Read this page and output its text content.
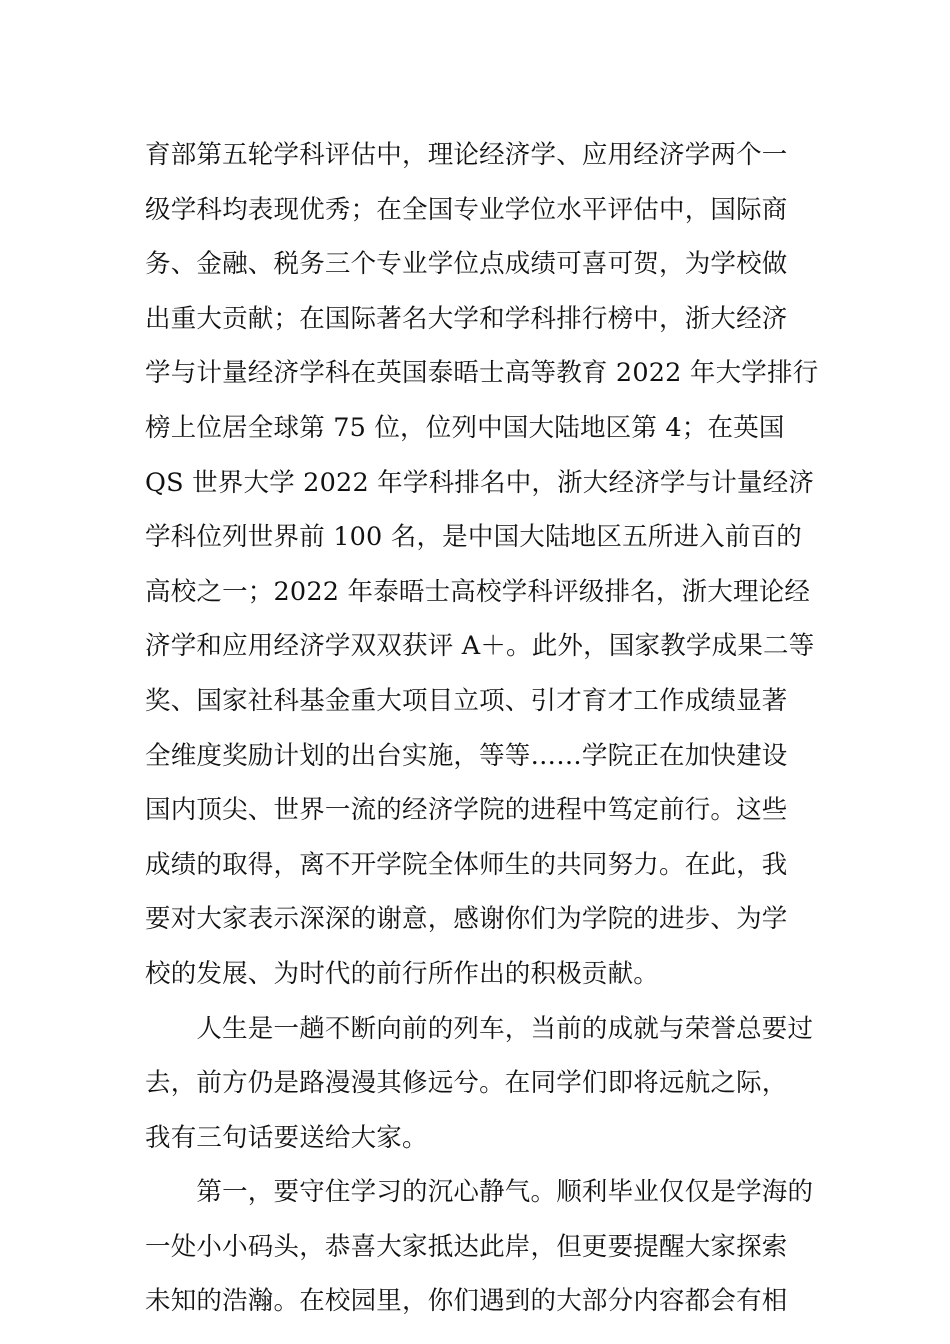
育部第五轮学科评估中，理论经济学、应用经济学两个一
级学科均表现优秀；在全国专业学位水平评估中，国际商
务、金融、税务三个专业学位点成绩可喜可贺，为学校做
出重大贡献；在国际著名大学和学科排行榜中，浙大经济
学与计量经济学科在英国泰晤士高等教育 2022 年大学排行
榜上位居全球第 75 位，位列中国大陆地区第 4；在英国
QS 世界大学 2022 年学科排名中，浙大经济学与计量经济
学科位列世界前 100 名，是中国大陆地区五所进入前百的
高校之一；2022 年泰晤士高校学科评级排名，浙大理论经
济学和应用经济学双双获评 A＋。此外，国家教学成果二等
奖、国家社科基金重大项目立项、引才育才工作成绩显著
全维度奖励计划的出台实施，等等……学院正在加快建设
国内顶尖、世界一流的经济学院的进程中笃定前行。这些
成绩的取得，离不开学院全体师生的共同努力。在此，我
要对大家表示深深的谢意，感谢你们为学院的进步、为学
校的发展、为时代的前行所作出的积极贡献。
　　人生是一趟不断向前的列车，当前的成就与荣誉总要过
去，前方仍是路漫漫其修远兮。在同学们即将远航之际，
我有三句话要送给大家。
　　第一，要守住学习的沉心静气。顺利毕业仅仅是学海的
一处小小码头，恭喜大家抵达此岸，但更要提醒大家探索
未知的浩瀚。在校园里，你们遇到的大部分内容都会有相
